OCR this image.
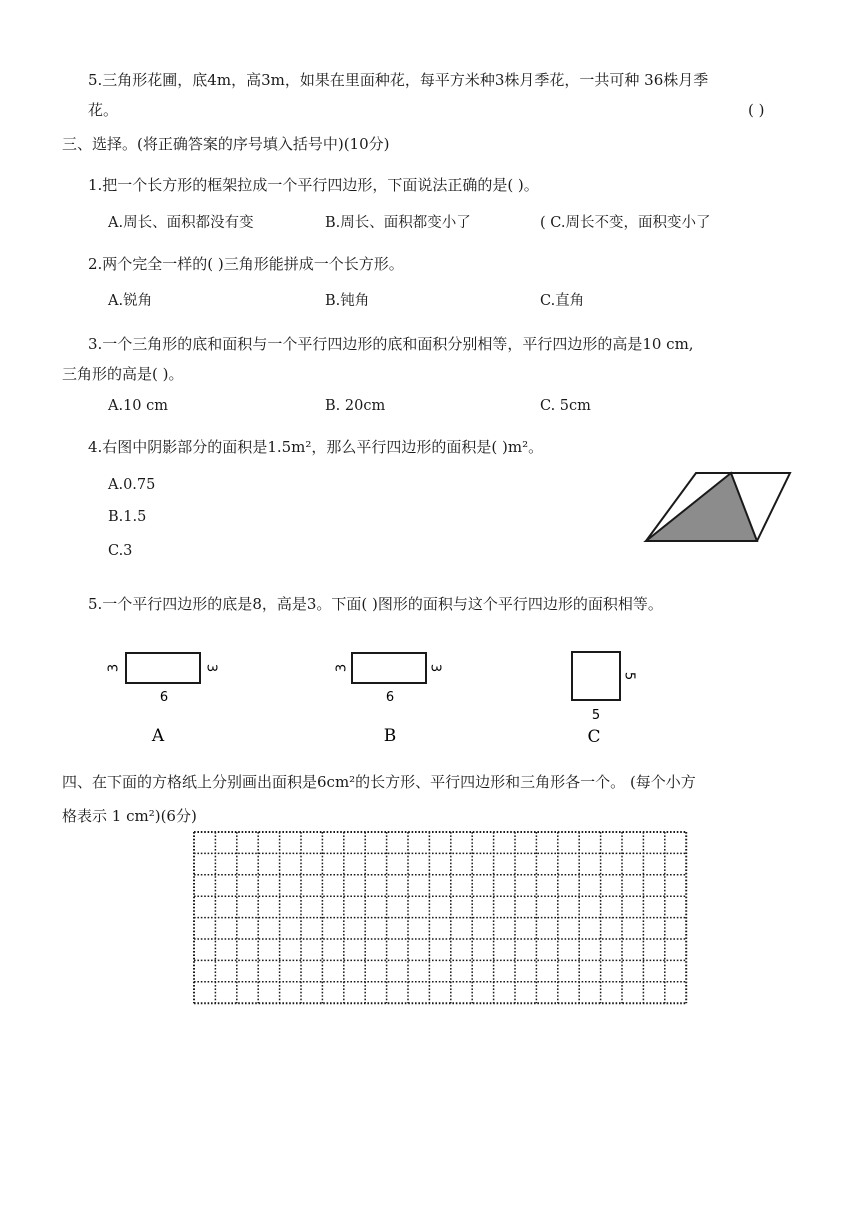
5.三角形花圃，底4m，高3m，如果在里面种花，每平方米种3株月季花，一共可种 36株月季
花。	( )
三、选择。(将正确答案的序号填入括号中)(10分)
1.把一个长方形的框架拉成一个平行四边形，下面说法正确的是( )。
A.周长、面积都没有变	B.周长、面积都变小了	( C.周长不变，面积变小了
2.两个完全一样的( )三角形能拼成一个长方形。
A.锐角	B.钝角	C.直角
3.一个三角形的底和面积与一个平行四边形的底和面积分别相等，平行四边形的高是10 cm,
三角形的高是( )。
A.10 cm	B. 20cm	C. 5cm
4.右图中阴影部分的面积是1.5m²，那么平行四边形的面积是( )m²。
A.0.75
B.1.5
C.3
5.一个平行四边形的底是8，高是3。下面( )图形的面积与这个平行四边形的面积相等。
3	3
6
A
3	3
6
B
5
5
C
四、在下面的方格纸上分别画出面积是6cm²的长方形、平行四边形和三角形各一个。 (每个小方
格表示 1 cm²)(6分)
